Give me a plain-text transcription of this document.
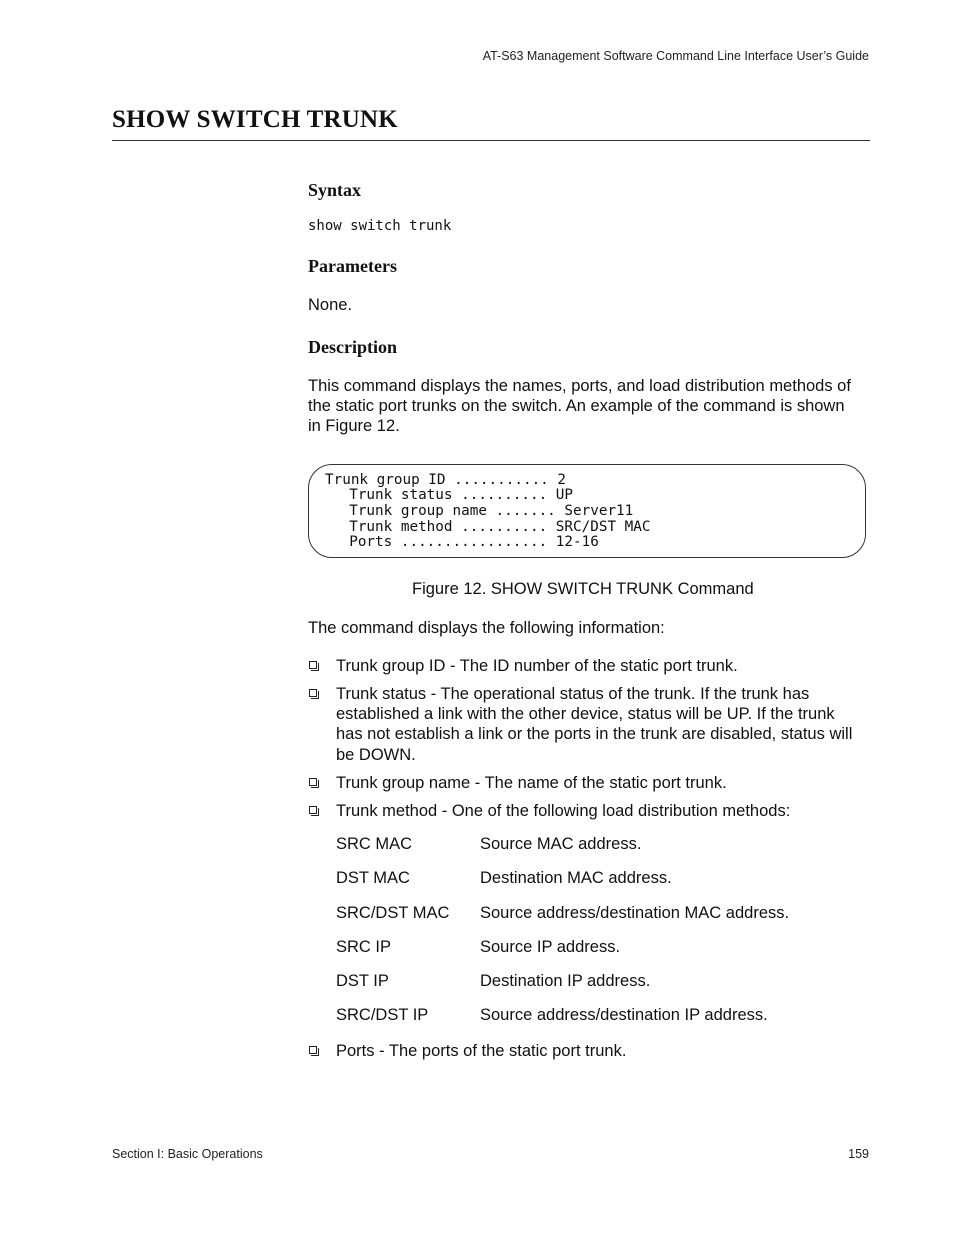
AT-S63 Management Software Command Line Interface User’s Guide
SHOW SWITCH TRUNK
Syntax
show switch trunk
Parameters

None.

Description

This command displays the names, ports, and load distribution methods of

the static port trunks on the switch. An example of the command is shown

in Figure 12.

Trunk group ID ........... 2
Trunk status .......... UP
Trunk group name ....... Server11
Trunk method .......... SRC/DST MAC
Ports ................. 12-16
Figure 12. SHOW SWITCH TRUNK Command

The command displays the following information:

Trunk group ID - The ID number of the static port trunk.
Trunk status - The operational status of the trunk. If the trunk has
established a link with the other device, status will be UP. If the trunk
has not establish a link or the ports in the trunk are disabled, status will
be DOWN.
Trunk group name - The name of the static port trunk.
Trunk method - One of the following load distribution methods:
SRC MAC	Source MAC address.
DST MAC	Destination MAC address.
SRC/DST MAC Source address/destination MAC address.
SRC IP	Source IP address.
DST IP	Destination IP address.
SRC/DST IP	Source address/destination IP address.
Ports - The ports of the static port trunk.
Section I: Basic Operations	159
